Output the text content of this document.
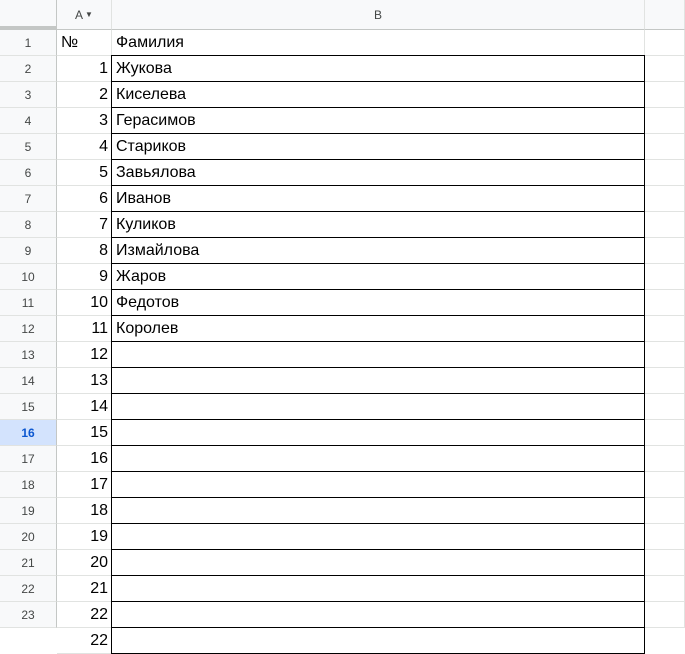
A ▼	B
1
2
3
4
5
6
7
8
9
10
11
12
13
14
15
16
17
18
19
20
21
22
23
№	Фамилия
1 Жукова
2 Киселева
3 Герасимов
4 Стариков
5 Завьялова
6 Иванов
7 Куликов
8 Измайлова
9 Жаров
10 Федотов
11 Королев
12
13
14
15
16
17
18
19
20
21
22
22
